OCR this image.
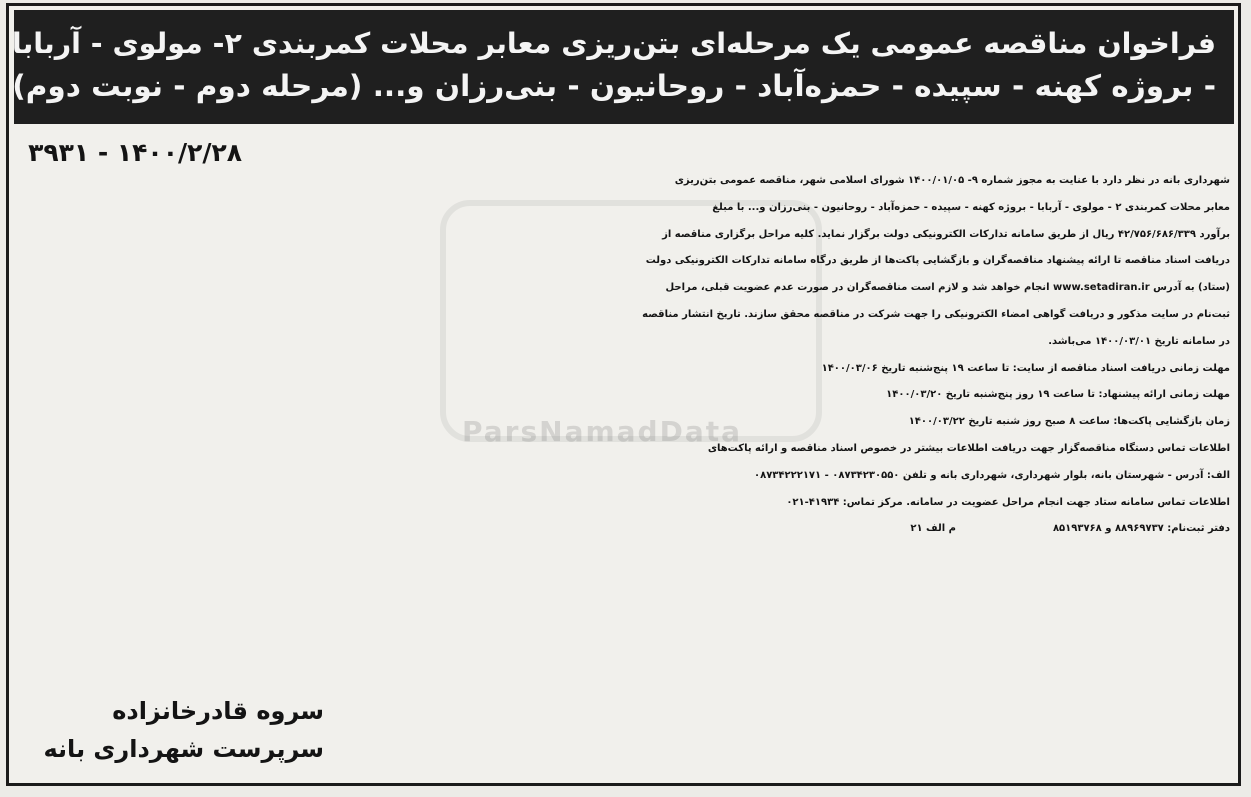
ParsNamadData
فراخوان مناقصه عمومی یک مرحله‌ای بتن‌ریزی معابر محلات کمربندی ۲- مولوی - آربابا
- بروژه کهنه - سپیده - حمزه‌آباد - روحانیون - بنی‌رزان و... (مرحله دوم - نوبت دوم)
۳۹۳۱ - ۱۴۰۰/۲/۲۸
شهرداری بانه در نظر دارد با عنایت به مجوز شماره ۹- ۱۴۰۰/۰۱/۰۵ شورای اسلامی شهر، مناقصه عمومی بتن‌ریزی
معابر محلات کمربندی ۲ - مولوی - آربابا - بروژه کهنه - سپیده - حمزه‌آباد - روحانیون - بنی‌رزان و... با مبلغ
برآورد ۴۲/۷۵۶/۶۸۶/۳۳۹ ریال از طریق سامانه تدارکات الکترونیکی دولت برگزار نماید. کلیه مراحل برگزاری مناقصه از
دریافت اسناد مناقصه تا ارائه پیشنهاد مناقصه‌گران و بازگشایی پاکت‌ها از طریق درگاه سامانه تدارکات الکترونیکی دولت
(ستاد) به آدرس www.setadiran.ir انجام خواهد شد و لازم است مناقصه‌گران در صورت عدم عضویت قبلی، مراحل
ثبت‌نام در سایت مذکور و دریافت گواهی امضاء الکترونیکی را جهت شرکت در مناقصه محقق سازند. تاریخ انتشار مناقصه
در سامانه تاریخ ۱۴۰۰/۰۳/۰۱ می‌باشد.
مهلت زمانی دریافت اسناد مناقصه از سایت: تا ساعت ۱۹ پنج‌شنبه تاریخ ۱۴۰۰/۰۳/۰۶
مهلت زمانی ارائه پیشنهاد: تا ساعت ۱۹ روز پنج‌شنبه تاریخ ۱۴۰۰/۰۳/۲۰
زمان بازگشایی پاکت‌ها: ساعت ۸ صبح روز شنبه تاریخ ۱۴۰۰/۰۳/۲۲
اطلاعات تماس دستگاه مناقصه‌گزار جهت دریافت اطلاعات بیشتر در خصوص اسناد مناقصه و ارائه پاکت‌های
الف: آدرس - شهرستان بانه، بلوار شهرداری، شهرداری بانه و تلفن ۰۸۷۳۴۲۳۰۵۵۰ - ۰۸۷۳۴۲۲۲۱۷۱
اطلاعات تماس سامانه ستاد جهت انجام مراحل عضویت در سامانه. مرکز تماس: ۴۱۹۳۴-۰۲۱
دفتر ثبت‌نام: ۸۸۹۶۹۷۳۷ و ۸۵۱۹۳۷۶۸  م الف ۲۱
سروه قادرخانزاده
سرپرست شهرداری بانه
